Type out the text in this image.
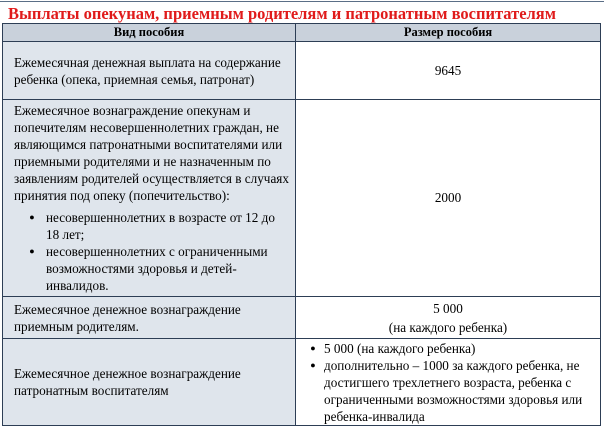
Выплаты опекунам, приемным родителям и патронатным воспитателям
Вид пособия	Размер пособия

Ежемесячная денежная выплата на содержание ребенка (опека, приемная семья, патронат)	9645

Ежемесячное вознаграждение опекунам и попечителям несовершеннолетних граждан, не являющимся патронатными воспитателями или приемными родителями и не назначенным по заявлениям родителей осуществляется в случаях принятия под опеку (попечительство):

● несовершеннолетних в возрасте от 12 до 18 лет;
● несовершеннолетних с ограниченными возможностями здоровья и детей-инвалидов.	2000

Ежемесячное денежное вознаграждение приемным родителям.	5 000
(на каждого ребенка)

Ежемесячное денежное вознаграждение патронатным воспитателям	● 5 000 (на каждого ребенка)
● дополнительно – 1000 за каждого ребенка, не достигшего трехлетнего возраста, ребенка с ограниченными возможностями здоровья или ребенка-инвалида
